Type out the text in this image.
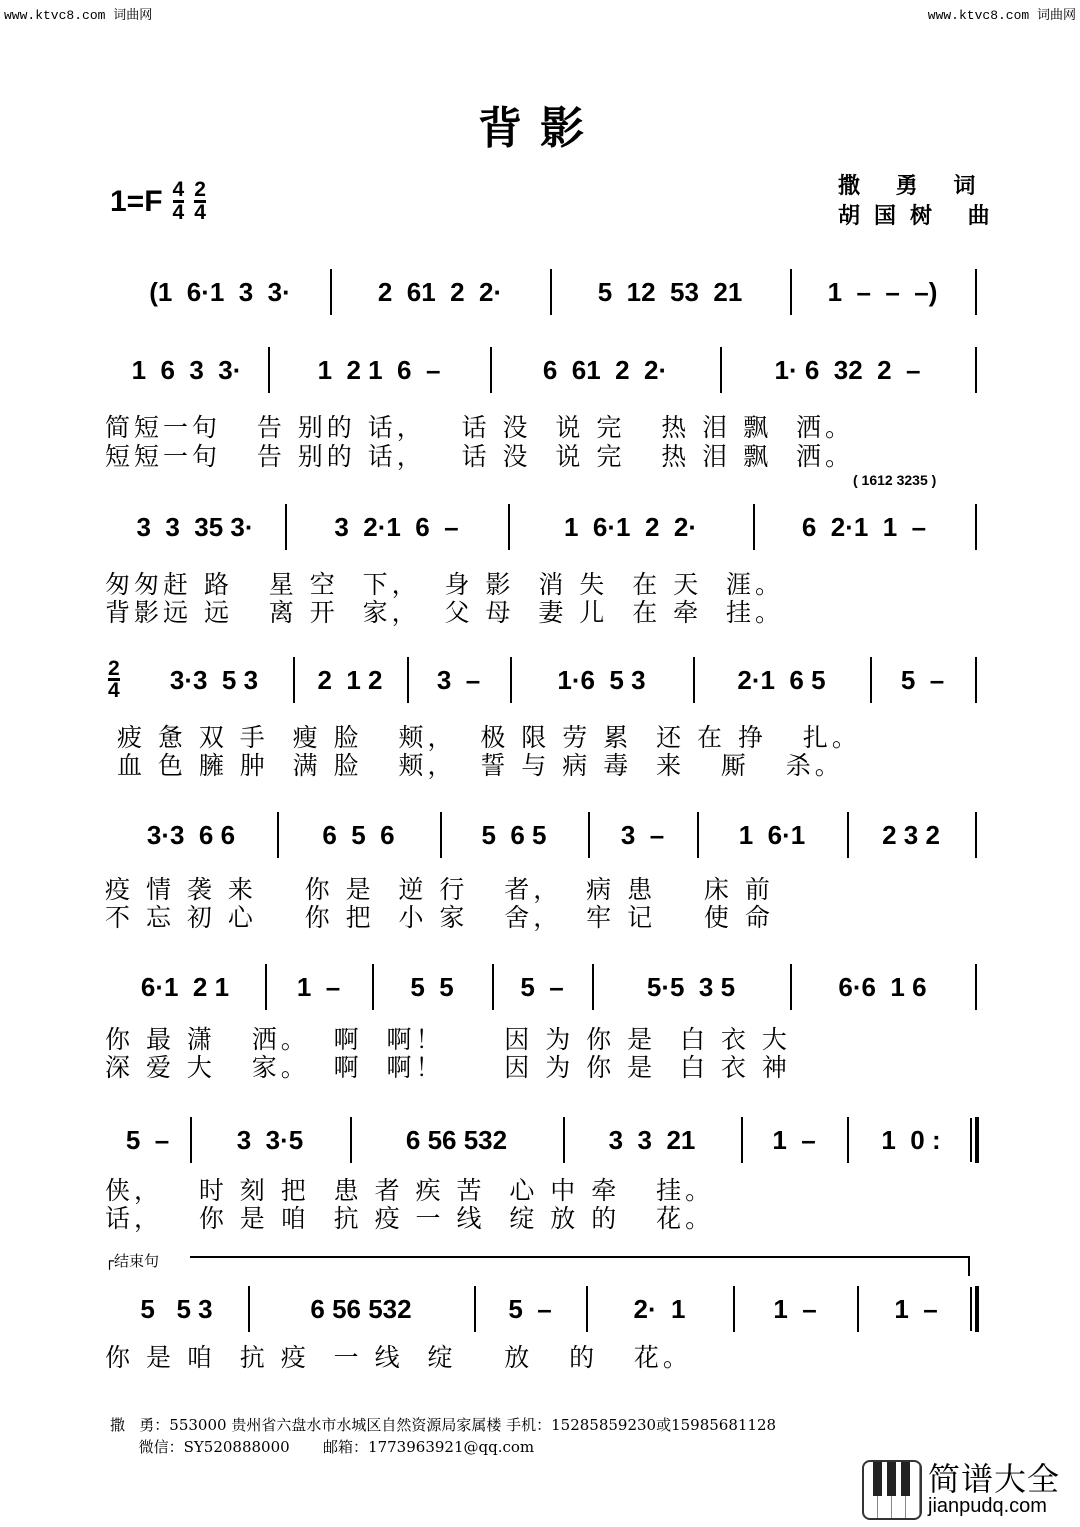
www.ktvc8.com 词曲网	www.ktvc8.com 词曲网
背影
$1=F \frac{4}{4} \frac{2}{4}$	撒 勇 词
胡国树 曲
( 1612 3235 )
┌ 结束句
(1  6·1  3  3·	2  61  2  2·	5  12  53  21	1  –  –  –)
1  6  3  3·	1  2 1  6  –	6  61  2  2·	1· 6  32  2  –
简短一句   告 别的 话，   话 没  说 完   热 泪 飘  洒。
短短一句   告 别的 话，   话 没  说 完   热 泪 飘  洒。
3  3  35 3·	3  2·1  6  –	1  6·1  2  2·	6  2·1  1  –
匆匆赶 路   星 空  下，  身 影  消 失  在 天  涯。
背影远 远   离 开  家，  父 母  妻 儿  在 牵  挂。
2
4	3·3  5 3	2  1 2	3  –	1·6  5 3	2·1  6 5	5  –
疲 惫 双 手  瘦 脸   颊，  极 限 劳 累  还 在 挣   扎。
血 色 臃 肿  满 脸   颊，  誓 与 病 毒  来   厮   杀。
3·3  6 6	6  5  6	5  6 5	3  –	1  6·1	2 3 2
疫 情 袭 来    你 是  逆 行   者，  病 患    床 前
不 忘 初 心    你 把  小 家   舍，  牢 记    使 命
6·1  2 1	1  –	5  5	5  –	5·5  3 5	6·6  1 6
你 最 潇   洒。  啊  啊！     因 为 你 是  白 衣 大
深 爱 大   家。  啊  啊！     因 为 你 是  白 衣 神
5  –	3  3·5	6 56 532	3  3  21	1  –	1  0 :
侠，   时 刻 把  患 者 疾 苦  心 中 牵   挂。
话，   你 是 咱  抗 疫 一 线  绽 放 的   花。
5   5 3	6 56 532	5  –	2·  1	1  –	1  –
你 是 咱  抗 疫  一 线  绽    放   的   花。
撒   勇：553000 贵州省六盘水市水城区自然资源局家属楼 手机：15285859230或15985681128
微信：SY520888000       邮箱：1773963921@qq.com
简谱大全
jianpudq.com
